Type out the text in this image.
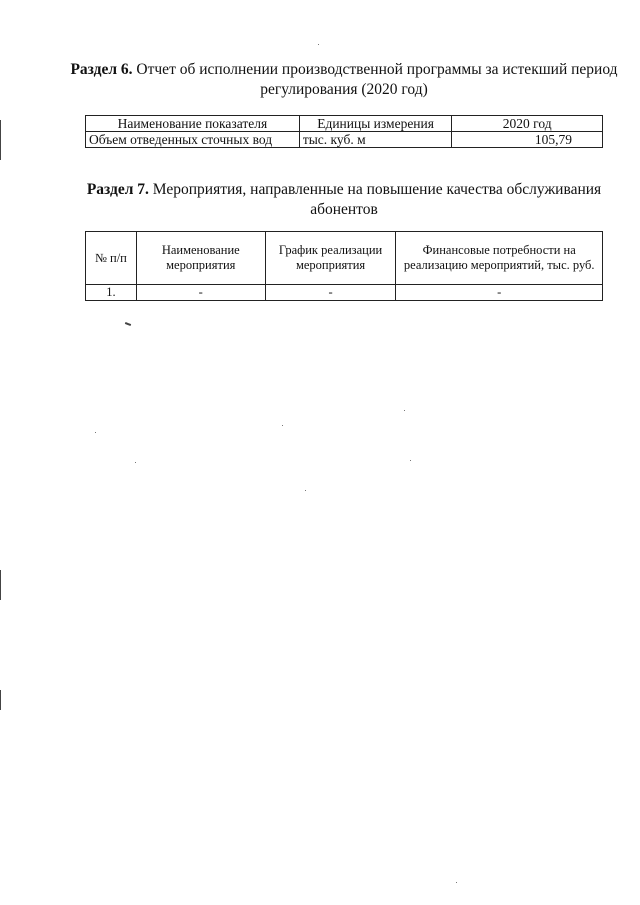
Раздел 6. Отчет об исполнении производственной программы за истекший период регулирования (2020 год)
Наименование показателя	Единицы измерения	2020 год
Объем отведенных сточных вод	тыс. куб. м	105,79
Раздел 7. Мероприятия, направленные на повышение качества обслуживания абонентов
№ п/п	Наименование мероприятия	График реализации мероприятия	Финансовые потребности на реализацию мероприятий, тыс. руб.
1.	-	-	-
